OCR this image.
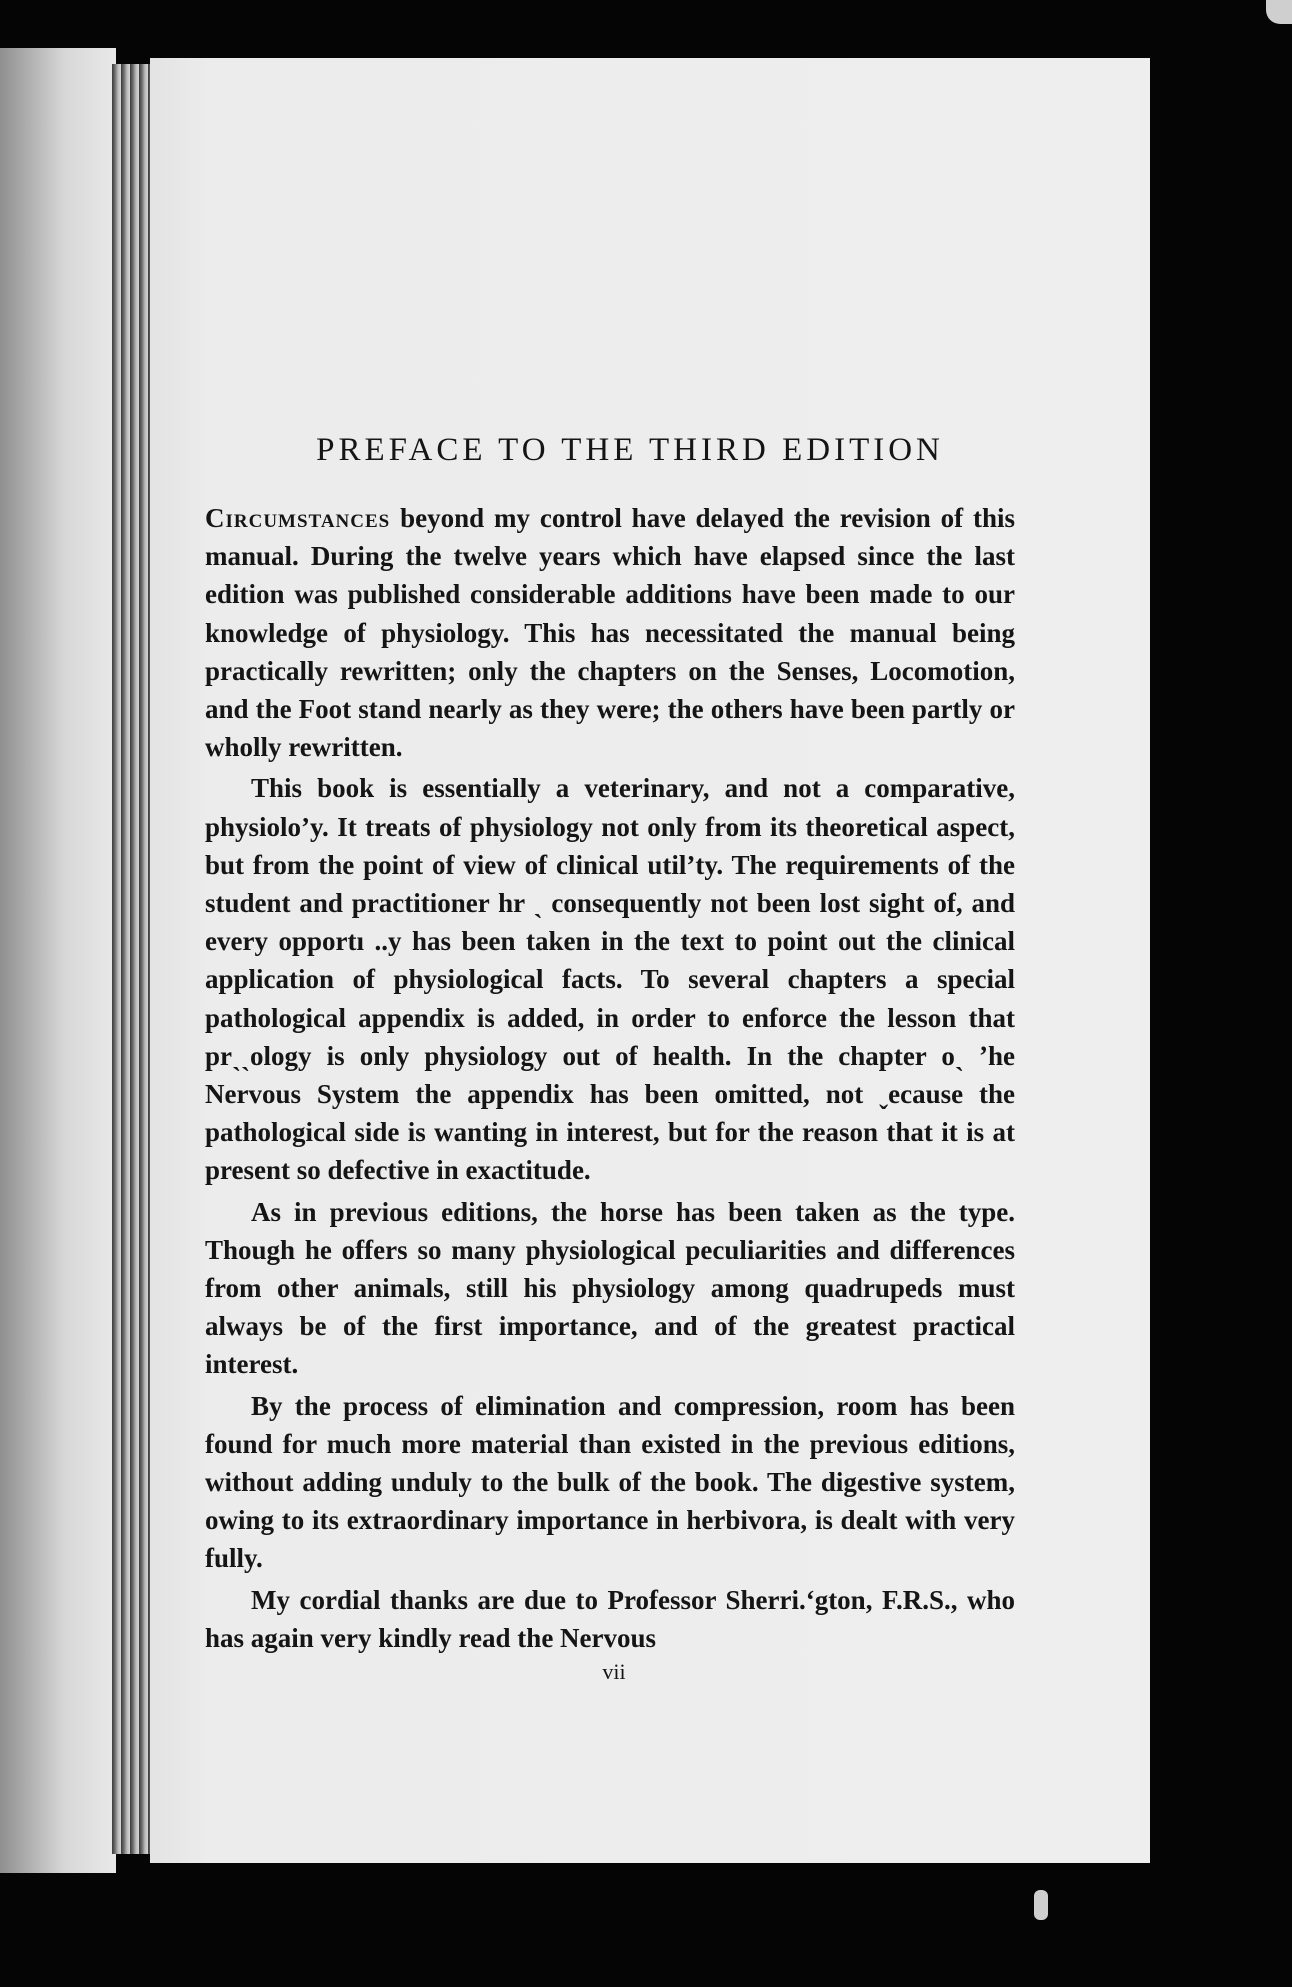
PREFACE TO THE THIRD EDITION

Circumstances beyond my control have delayed the revision of this manual. During the twelve years which have elapsed since the last edition was published considerable additions have been made to our knowledge of physiology. This has necessitated the manual being practically rewritten; only the chapters on the Senses, Locomotion, and the Foot stand nearly as they were; the others have been partly or wholly rewritten.

This book is essentially a veterinary, and not a comparative, physiolo’y. It treats of physiology not only from its theoretical aspect, but from the point of view of clinical util’ty. The requirements of the student and practitioner hr ˎ consequently not been lost sight of, and every opportı ..y has been taken in the text to point out the clinical application of physiological facts. To several chapters a special pathological appendix is added, in order to enforce the lesson that prˎˎology is only physiology out of health. In the chapter oˎ ʼhe Nervous System the appendix has been omitted, not ˬecause the pathological side is wanting in interest, but for the reason that it is at present so defective in exactitude.

As in previous editions, the horse has been taken as the type. Though he offers so many physiological peculiarities and differences from other animals, still his physiology among quadrupeds must always be of the first importance, and of the greatest practical interest.

By the process of elimination and compression, room has been found for much more material than existed in the previous editions, without adding unduly to the bulk of the book. The digestive system, owing to its extraordinary importance in herbivora, is dealt with very fully.

My cordial thanks are due to Professor Sherri.ʻgton, F.R.S., who has again very kindly read the Nervous

vii
